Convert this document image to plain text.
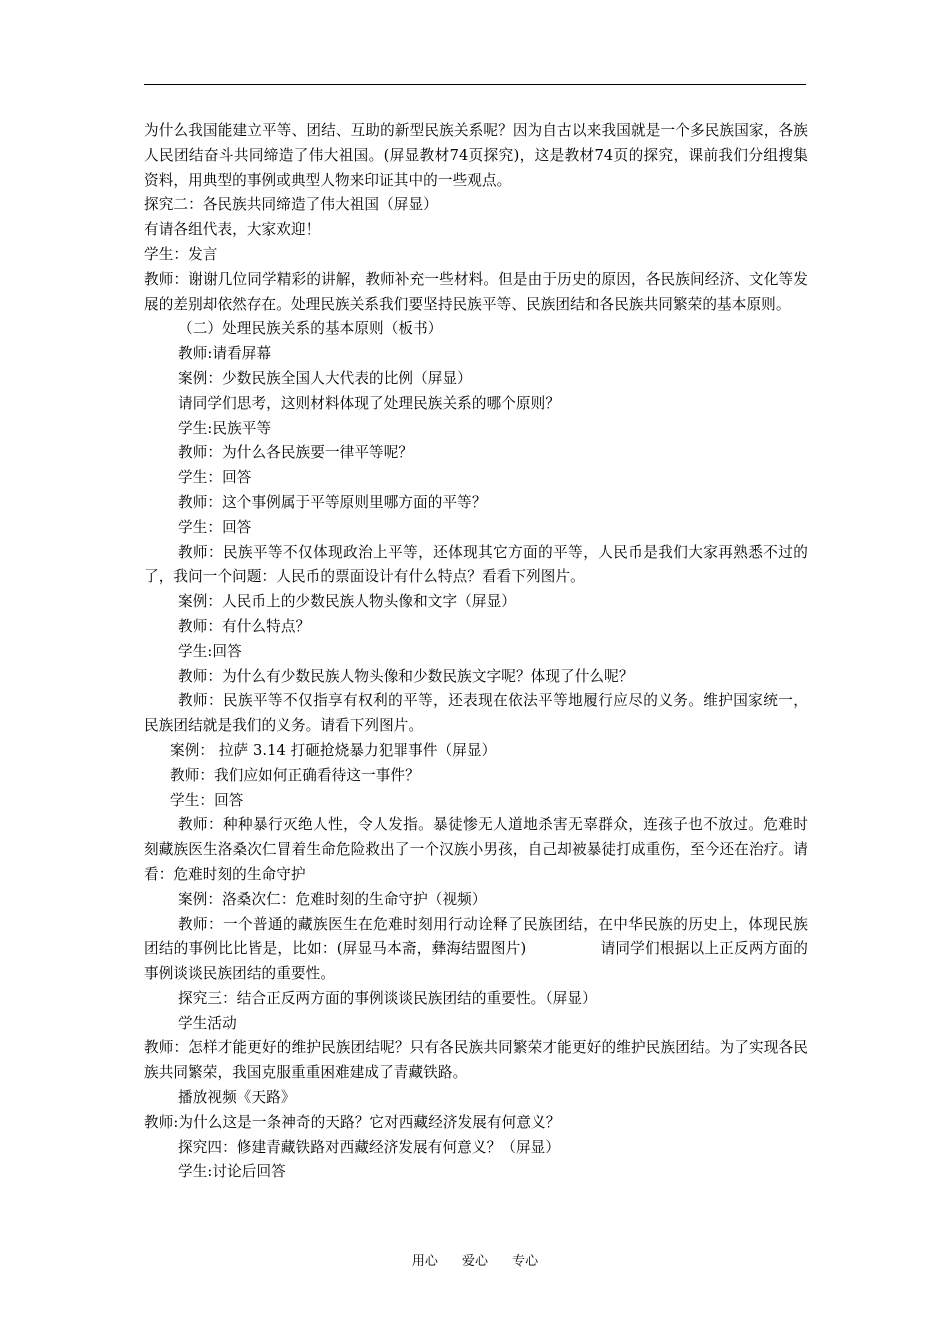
为什么我国能建立平等、团结、互助的新型民族关系呢？因为自古以来我国就是一个多民族国家，各族人民团结奋斗共同缔造了伟大祖国。(屏显教材74页探究)，这是教材74页的探究，课前我们分组搜集资料，用典型的事例或典型人物来印证其中的一些观点。

探究二：各民族共同缔造了伟大祖国（屏显）

有请各组代表，大家欢迎！

学生：发言

教师：谢谢几位同学精彩的讲解，教师补充一些材料。但是由于历史的原因，各民族间经济、文化等发展的差别却依然存在。处理民族关系我们要坚持民族平等、民族团结和各民族共同繁荣的基本原则。

（二）处理民族关系的基本原则（板书）

教师:请看屏幕

案例：少数民族全国人大代表的比例（屏显）

请同学们思考，这则材料体现了处理民族关系的哪个原则？

学生:民族平等

教师：为什么各民族要一律平等呢？

学生：回答

教师：这个事例属于平等原则里哪方面的平等？

学生：回答

教师：民族平等不仅体现政治上平等，还体现其它方面的平等，人民币是我们大家再熟悉不过的了，我问一个问题：人民币的票面设计有什么特点？看看下列图片。

案例：人民币上的少数民族人物头像和文字（屏显）

教师：有什么特点？

学生:回答

教师：为什么有少数民族人物头像和少数民族文字呢？体现了什么呢？

教师：民族平等不仅指享有权利的平等，还表现在依法平等地履行应尽的义务。维护国家统一，民族团结就是我们的义务。请看下列图片。

案例： 拉萨 3.14 打砸抢烧暴力犯罪事件（屏显）

教师：我们应如何正确看待这一事件？

学生：回答

教师：种种暴行灭绝人性，令人发指。暴徒惨无人道地杀害无辜群众，连孩子也不放过。危难时刻藏族医生洛桑次仁冒着生命危险救出了一个汉族小男孩，自己却被暴徒打成重伤，至今还在治疗。请看：危难时刻的生命守护

案例：洛桑次仁：危难时刻的生命守护（视频）

教师：一个普通的藏族医生在危难时刻用行动诠释了民族团结，在中华民族的历史上，体现民族团结的事例比比皆是，比如：(屏显马本斋，彝海结盟图片)　　　　　请同学们根据以上正反两方面的事例谈谈民族团结的重要性。

探究三：结合正反两方面的事例谈谈民族团结的重要性。（屏显）

学生活动

教师：怎样才能更好的维护民族团结呢？只有各民族共同繁荣才能更好的维护民族团结。为了实现各民族共同繁荣，我国克服重重困难建成了青藏铁路。

播放视频《天路》

教师:为什么这是一条神奇的天路？它对西藏经济发展有何意义？

探究四：修建青藏铁路对西藏经济发展有何意义？（屏显）

学生:讨论后回答

用心 爱心 专心
